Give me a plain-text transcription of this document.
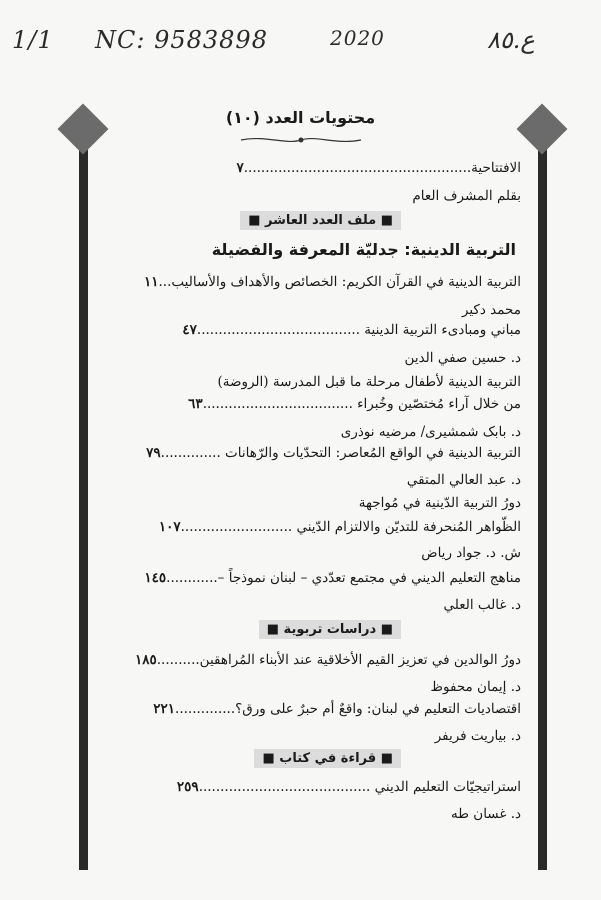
1/1 NC: 9583898	2020	ع.٨٥
محتويات العدد (١٠)
الافتتاحية.....................................................٧
بقلم المشرف العام
■ ملف العدد العاشر ■
التربية الدينية: جدليّة المعرفة والفضيلة
التربية الدينية في القرآن الكريم: الخصائص والأهداف والأساليب...١١
محمد دكير
مباني ومبادىء التربية الدينية ......................................٤٧
د. حسين صفي الدين
التربية الدينية لأطفال مرحلة ما قبل المدرسة (الروضة)
من خلال آراء مُختصّين وخُبراء ...................................٦٣
د. بابک شمشیری/ مرضیه نوذری
التربية الدينية في الواقع المُعاصر: التحدّيات والرّهانات ..............٧٩
د. عبد العالي المتقي
دورُ التربية الدّينية في مُواجهة
الظّواهر المُنحرفة للتديّن والالتزام الدّيني ..........................١٠٧
ش. د. جواد رياض
مناهج التعليم الديني في مجتمع تعدّدي – لبنان نموذجاً –............١٤٥
د. غالب العلي
■ دراسات تربوية ■
دورُ الوالدين في تعزيز القيم الأخلاقية عند الأبناء المُراهقين..........١٨٥
د. إيمان محفوظ
اقتصاديات التعليم في لبنان: واقعٌ أم حبرٌ على ورق؟..............٢٢١
د. بياريت فريفر
■ قراءة في كتاب ■
استراتيجيّات التعليم الديني ........................................٢٥٩
د. غسان طه
